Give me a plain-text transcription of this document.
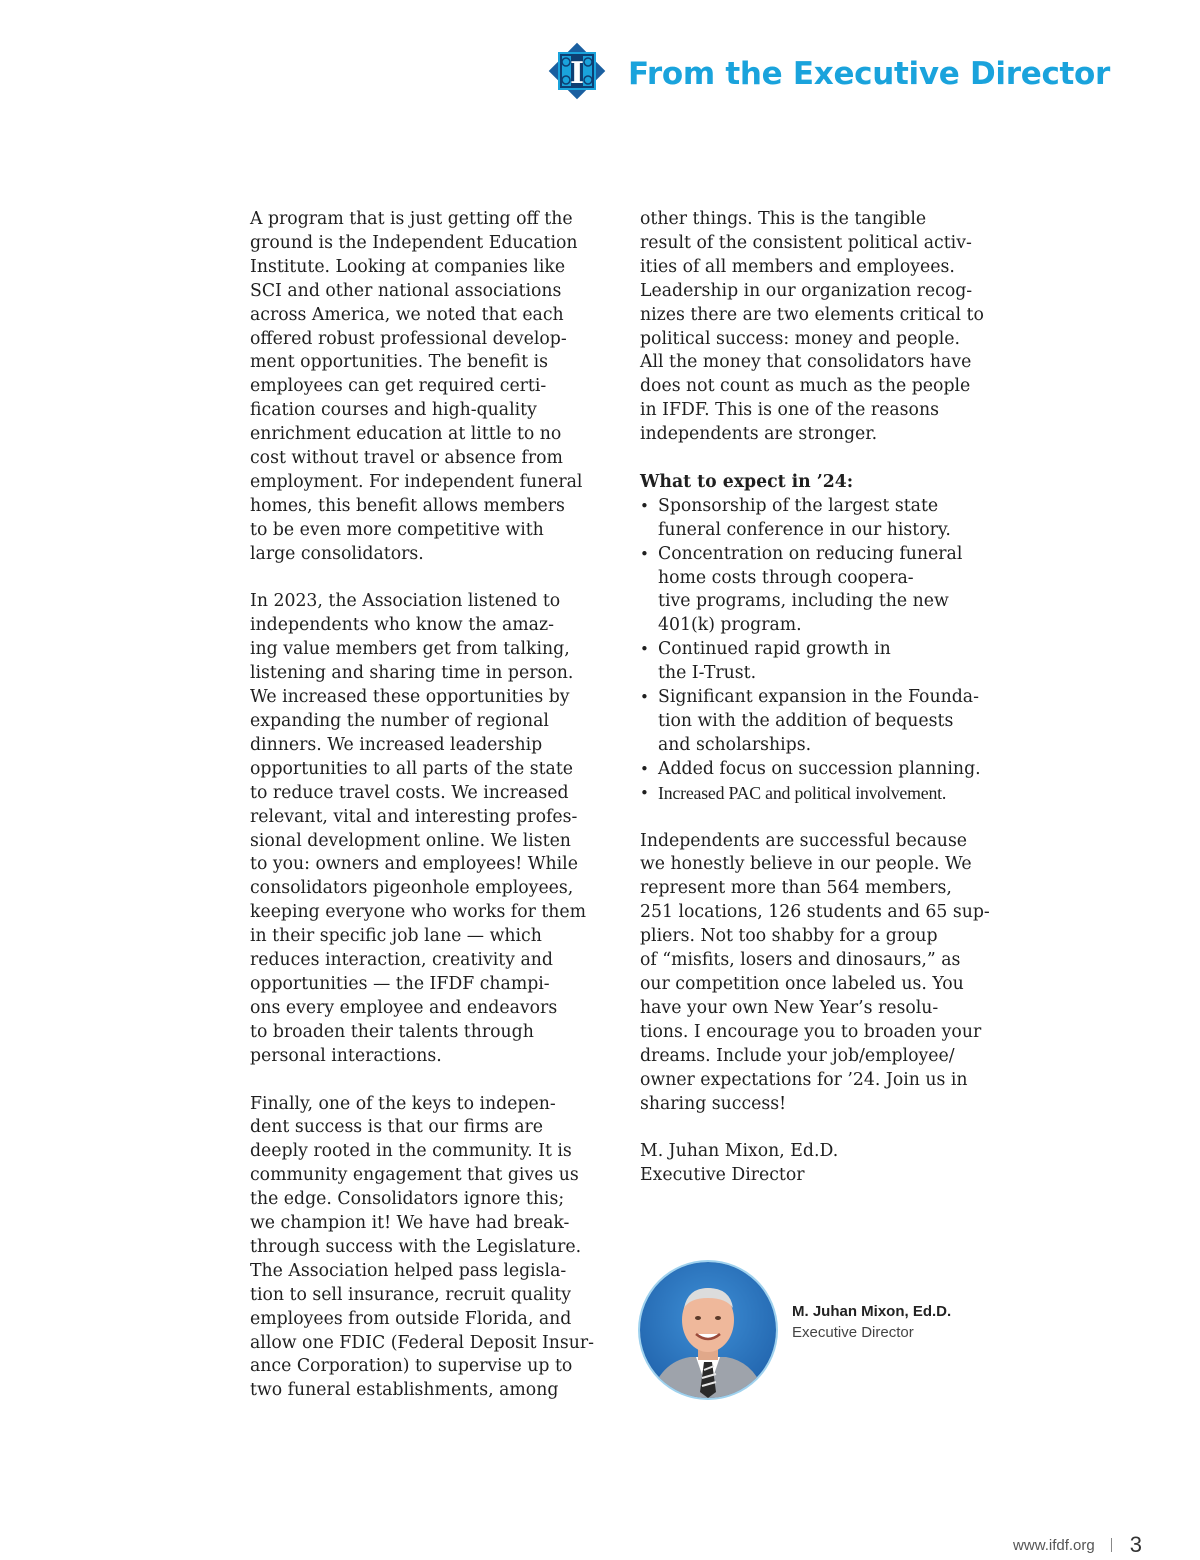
I From the Executive Director
A program that is just getting off the
ground is the Independent Education
Institute. Looking at companies like
SCI and other national associations
across America, we noted that each
offered robust professional develop-
ment opportunities. The benefit is
employees can get required certi-
fication courses and high-quality
enrichment education at little to no
cost without travel or absence from
employment. For independent funeral
homes, this benefit allows members
to be even more competitive with
large consolidators.
In 2023, the Association listened to
independents who know the amaz-
ing value members get from talking,
listening and sharing time in person.
We increased these opportunities by
expanding the number of regional
dinners. We increased leadership
opportunities to all parts of the state
to reduce travel costs. We increased
relevant, vital and interesting profes-
sional development online. We listen
to you: owners and employees! While
consolidators pigeonhole employees,
keeping everyone who works for them
in their specific job lane — which
reduces interaction, creativity and
opportunities — the IFDF champi-
ons every employee and endeavors
to broaden their talents through
personal interactions.
Finally, one of the keys to indepen-
dent success is that our firms are
deeply rooted in the community. It is
community engagement that gives us
the edge. Consolidators ignore this;
we champion it! We have had break-
through success with the Legislature.
The Association helped pass legisla-
tion to sell insurance, recruit quality
employees from outside Florida, and
allow one FDIC (Federal Deposit Insur-
ance Corporation) to supervise up to
two funeral establishments, among
other things. This is the tangible
result of the consistent political activ-
ities of all members and employees.
Leadership in our organization recog-
nizes there are two elements critical to
political success: money and people.
All the money that consolidators have
does not count as much as the people
in IFDF. This is one of the reasons
independents are stronger.
What to expect in ’24:
• Sponsorship of the largest state
funeral conference in our history.
• Concentration on reducing funeral
home costs through coopera-
tive programs, including the new
401(k) program.
• Continued rapid growth in
the I-Trust.
• Significant expansion in the Founda-
tion with the addition of bequests
and scholarships.
• Added focus on succession planning.
• Increased PAC and political involvement.
Independents are successful because
we honestly believe in our people. We
represent more than 564 members,
251 locations, 126 students and 65 sup-
pliers. Not too shabby for a group
of “misfits, losers and dinosaurs,” as
our competition once labeled us. You
have your own New Year’s resolu-
tions. I encourage you to broaden your
dreams. Include your job/employee/
owner expectations for ’24. Join us in
sharing success!
M. Juhan Mixon, Ed.D.
Executive Director
M. Juhan Mixon, Ed.D.
Executive Director
www.ifdf.org 3
